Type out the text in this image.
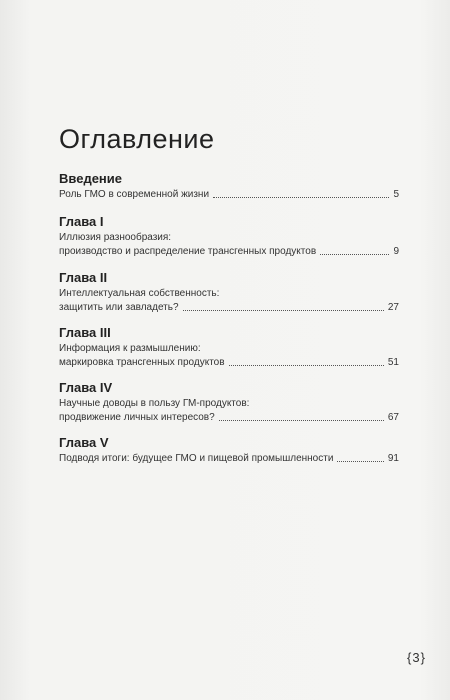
Оглавление
Введение
Роль ГМО в современной жизни	5
Глава I
Иллюзия разнообразия:
производство и распределение трансгенных продуктов	9
Глава II
Интеллектуальная собственность:
защитить или завладеть?	27
Глава III
Информация к размышлению:
маркировка трансгенных продуктов	51
Глава IV
Научные доводы в пользу ГМ-продуктов:
продвижение личных интересов?	67
Глава V
Подводя итоги: будущее ГМО и пищевой промышленности	91
{3}
